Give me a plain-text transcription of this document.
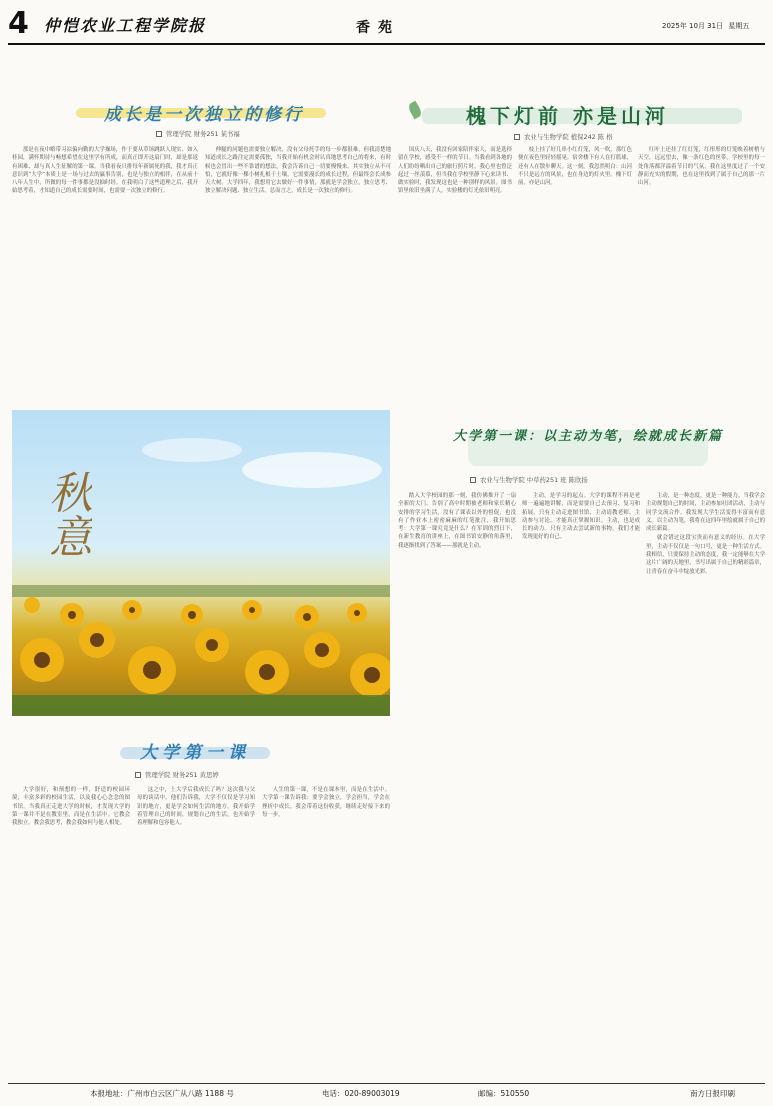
4 仲恺农业工程学院报	香苑	2025年 10月 31日 星期五
成长是一次独立的修行
管理学院 财务251 某书福

那是在夜中略带习凉偏向勤的大学操场，作于要从草场跳跃人现实、如入桂园，满怀期待与畅想希望在这里学有所成，而真正即开这扇门时，却是那返有困难、却与真人生征解的第一课。当我看夜只排每年新属死的我，我才真正意识到“大学”本质上是一场与过去的赢事告别，也是与独立的相伴，在从前十八年人生中，所做的每一件事都是没抽时经。在我明白了这些道理之后，我开始思考着，才知道自己的成长需要时间，也需要一次独立的修行。

伸腿的问题也需要独立解决，没有父母托手的每一步都很难，但我清楚地知道成长之路注定需要孤独，当我开始有机会时认真地思考自己的将来，有时候也会冒出一些不靠谱的想法，我会告诉自己一切要慢慢来。其实独立从不可怕，它就好像一棵小树扎根于土壤，它需要漫长的成长过程，但最终会长成参天大树。大学四年，我想用它去做好一件事情，那就是学会独立，独立思考、独立解决问题、独立生活。总而言之，成长是一次独立的修行。

槐下灯前 亦是山河
农业与生物学院 植保242 陈 格

国庆八天，我没有回家陪伴家人，而是选择留在学校，感受不一样的节日。当我看到各地的人们纷纷晒出自己的旅行照片时，我心里也曾泛起过一丝羡慕，但当我在学校里静下心来读书、做实验时，我发现这也是一种别样的风景。图书馆里依旧坐满了人，实验楼的灯光依旧明亮。

枝上挂了好几串小红灯笼，风一吹，那红色便在夜色里轻轻摇晃。宿舍楼下有人在打篮球，还有人在散步聊天。这一刻，我忽然明白：山河不只是远方的风景，也在身边的灯火里。槐下灯前，亦是山河。

红叶上还挂了红灯笼，红彤彤的灯笼映着树梢与天空，远远望去，像一条红色的丝带。学校里的每一处角落都洋溢着节日的气氛，我在这里度过了一个安静而充实的假期，也在这里找到了属于自己的那一片山河。

秋意
大学第一课：以主动为笔，绘就成长新篇
农业与生物学院 中草药251 班 陈欣扬

踏入大学校园的那一刻，我仿佛推开了一扇全新的大门。告别了高中时期被老师和家长精心安排的学习生活，没有了课表以外的督促，也没有了作业本上密密麻麻的红笔批注，我开始思考：大学第一课究竟是什么？在军训的烈日下，在新生教育的讲座上，在图书馆安静的角落里，我逐渐找到了答案——那就是主动。

主动，是学习的起点。大学的课程不再是老师一遍遍地讲解，而是需要自己去预习、复习和拓展。只有主动走进图书馆、主动请教老师、主动参与讨论，才能真正掌握知识。主动，也是成长的动力。只有主动去尝试新的事物，我们才能发现更好的自己。

主动，是一种态度，更是一种能力。当我学会主动规划自己的时间，主动参加社团活动，主动与同学交流合作，我发现大学生活变得丰富而有意义。以主动为笔，我将在这四年里绘就属于自己的成长新篇。

就会错过这段宝贵而有意义的经历。在大学里，主动不仅仅是一句口号，更是一种生活方式。我相信，只要保持主动的态度，我一定能够在大学这片广阔的天地里，书写出属于自己的精彩篇章，让青春在奋斗中绽放光彩。

大学第一课
管理学院 财务251 黄思婷

大学很好，和预想的一样，舒适的校园环境，丰富多彩的校园生活，以及我心心念念的图书馆。当我真正走进大学的时候，才发现大学的第一课并不是在教室里，而是在生活中。它教会我独立，教会我思考，教会我如何与他人相处。

这之中，上大学后我成长了吗？这次我与父母的谈话中，他们告诉我，大学不仅仅是学习知识的地方，更是学会如何生活的地方。我开始学着管理自己的时间，规划自己的生活，也开始学着理解和包容他人。

人生的第一课，不是在课本里，而是在生活中。大学第一课告诉我：要学会独立，学会担当，学会在挫折中成长。我会带着这份收获，继续走好接下来的每一步。

本报地址：广州市白云区广从八路 1188 号	电话：020-89003019	邮编：510550	南方日报印刷
